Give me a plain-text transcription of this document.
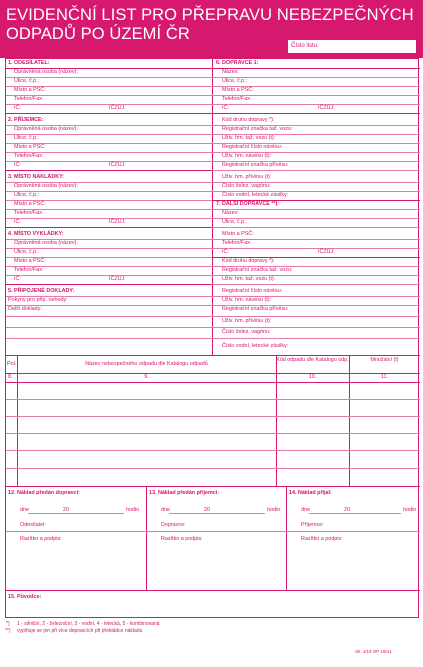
EVIDENČNÍ LIST PRO PŘEPRAVU NEBEZPEČNÝCH
ODPADŮ PO ÚZEMÍ ČR
Číslo listu:
1. ODESÍLATEL:
Oprávněná osoba (název):
Ulice, č.p.:
Místo a PSČ:
Telefon/Fax:
IČ:	IČZÚJ:
2. PŘÍJEMCE:
Oprávněná osoba (název):
Ulice, č.p.:
Místo a PSČ:
Telefon/Fax:
IČ:	IČZÚJ:
3. MÍSTO NAKLÁDKY:
Oprávněná osoba (název):
Ulice, č.p.:
Místo a PSČ:
Telefon/Fax:
IČ:	IČZÚJ:
4. MÍSTO VYKLÁDKY:
Oprávněná osoba (název):
Ulice, č.p.:
Místo a PSČ:
Telefon/Fax:
IČ:	IČZÚJ:
5. PŘIPOJENÉ DOKLADY:
Pokyny pro přip. nehody:
Další doklady:
6. DOPRAVCE 1:
Název:
Ulice, č.p.:
Místo a PSČ:
Telefon/Fax:
IČ:	IČZÚJ:
Kód druhu dopravy *):
Registrační značka taž. vozu:
Uživ. hm. taž. vozu (t):
Registrační číslo návěsu:
Uživ. hm. návěsu (t):
Registrační značka přívěsu:
Uživ. hm. přívěsu (t):
Číslo želez. vagónu:
Číslo vodní, letecké zásilky:
7. DALŠÍ DOPRAVCE **):
Název:
Ulice, č.p.:
Místo a PSČ:
Telefon/Fax:
IČ:	IČZÚJ:
Kód druhu dopravy *):
Registrační značka taž. vozu:
Uživ. hm. taž. vozu (t):
Registrační číslo návěsu:
Uživ. hm. návěsu (t):
Registrační značka přívěsu:
Uživ. hm. přívěsu (t):
Číslo želez. vagónu:
Číslo vodní, letecké zásilky:
Pol.	Název nebezpečného odpadu dle Katalogu odpadů
Kód odpadu dle Katalogu odp.	Množství (t)
8.	9.	10.	11.
12. Náklad předán dopravci:	13. Náklad předán příjemci:	14. Náklad přijal:
dne	20	hodin	dne	20	hodin	dne	20	hodin
Odesílatel:	Dopravce:	Příjemce:
Razítko a podpis:	Razítko a podpis:	Razítko a podpis:
15. Původce:
*) 1 - silniční, 2 - železniční, 3 - vodní, 4 - letecká, 5 - kombinovaná
**) vyplňuje se jen při více dopravcích při překládce nákladu
Sk. 4/19 OP 19/41
